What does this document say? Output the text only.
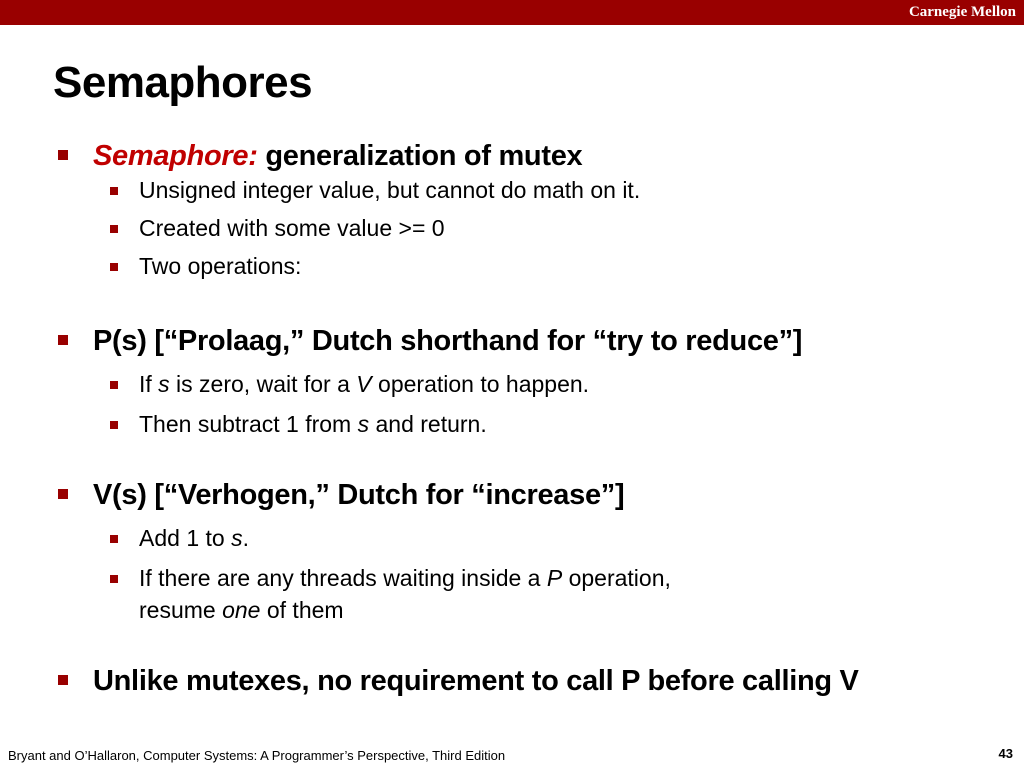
Carnegie Mellon
Semaphores
Semaphore: generalization of mutex
Unsigned integer value, but cannot do math on it.
Created with some value >= 0
Two operations:
P(s) [“Prolaag,” Dutch shorthand for “try to reduce”]
If s is zero, wait for a V operation to happen.
Then subtract 1 from s and return.
V(s) [“Verhogen,” Dutch for “increase”]
Add 1 to s.
If there are any threads waiting inside a P operation,
resume one of them
Unlike mutexes, no requirement to call P before calling V
Bryant and O’Hallaron, Computer Systems: A Programmer’s Perspective, Third Edition	43
